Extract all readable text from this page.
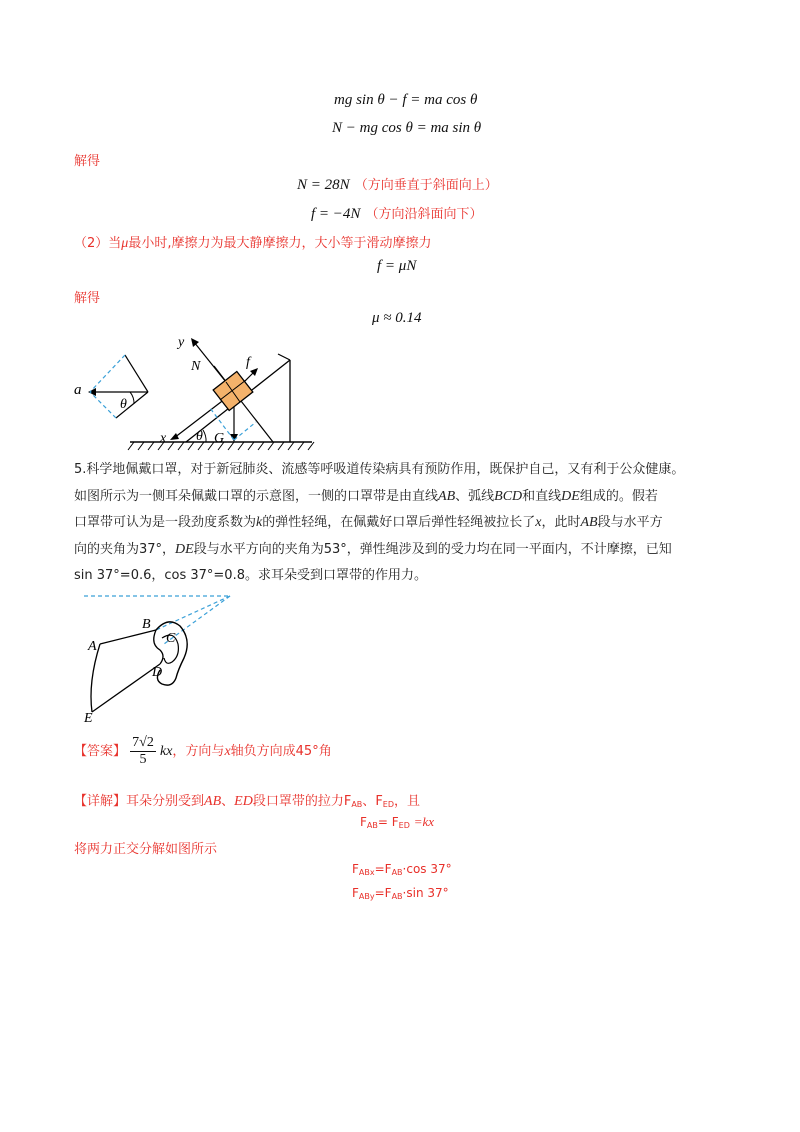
mg sin θ − f = ma cos θ
N − mg cos θ = ma sin θ
解得
N = 28N （方向垂直于斜面向上）
f = −4N （方向沿斜面向下）
（2）当μ最小时,摩擦力为最大静摩擦力，大小等于滑动摩擦力
f = μN
解得
μ ≈ 0.14
a
θ
θ
y
x
N	f
G
5.科学地佩戴口罩，对于新冠肺炎、流感等呼吸道传染病具有预防作用，既保护自己，又有利于公众健康。
如图所示为一侧耳朵佩戴口罩的示意图，一侧的口罩带是由直线AB、弧线BCD和直线DE组成的。假若
口罩带可认为是一段劲度系数为k的弹性轻绳，在佩戴好口罩后弹性轻绳被拉长了x，此时AB段与水平方
向的夹角为37°，DE段与水平方向的夹角为53°，弹性绳涉及到的受力均在同一平面内，不计摩擦，已知
sin 37°=0.6，cos 37°=0.8。求耳朵受到口罩带的作用力。
A
B
C
D
E
【答案】 $\frac{7√2}{5}$ kx，方向与x轴负方向成45°角
【详解】耳朵分别受到AB、ED段口罩带的拉力$F_{AB}$、$F_{ED}$，且
$F_{AB}= F_{ED} =kx$
将两力正交分解如图所示
$F_{ABx}=F_{AB}\cdot\cos$ 37°
$F_{ABy}=F_{AB}\cdot\sin$ 37°
